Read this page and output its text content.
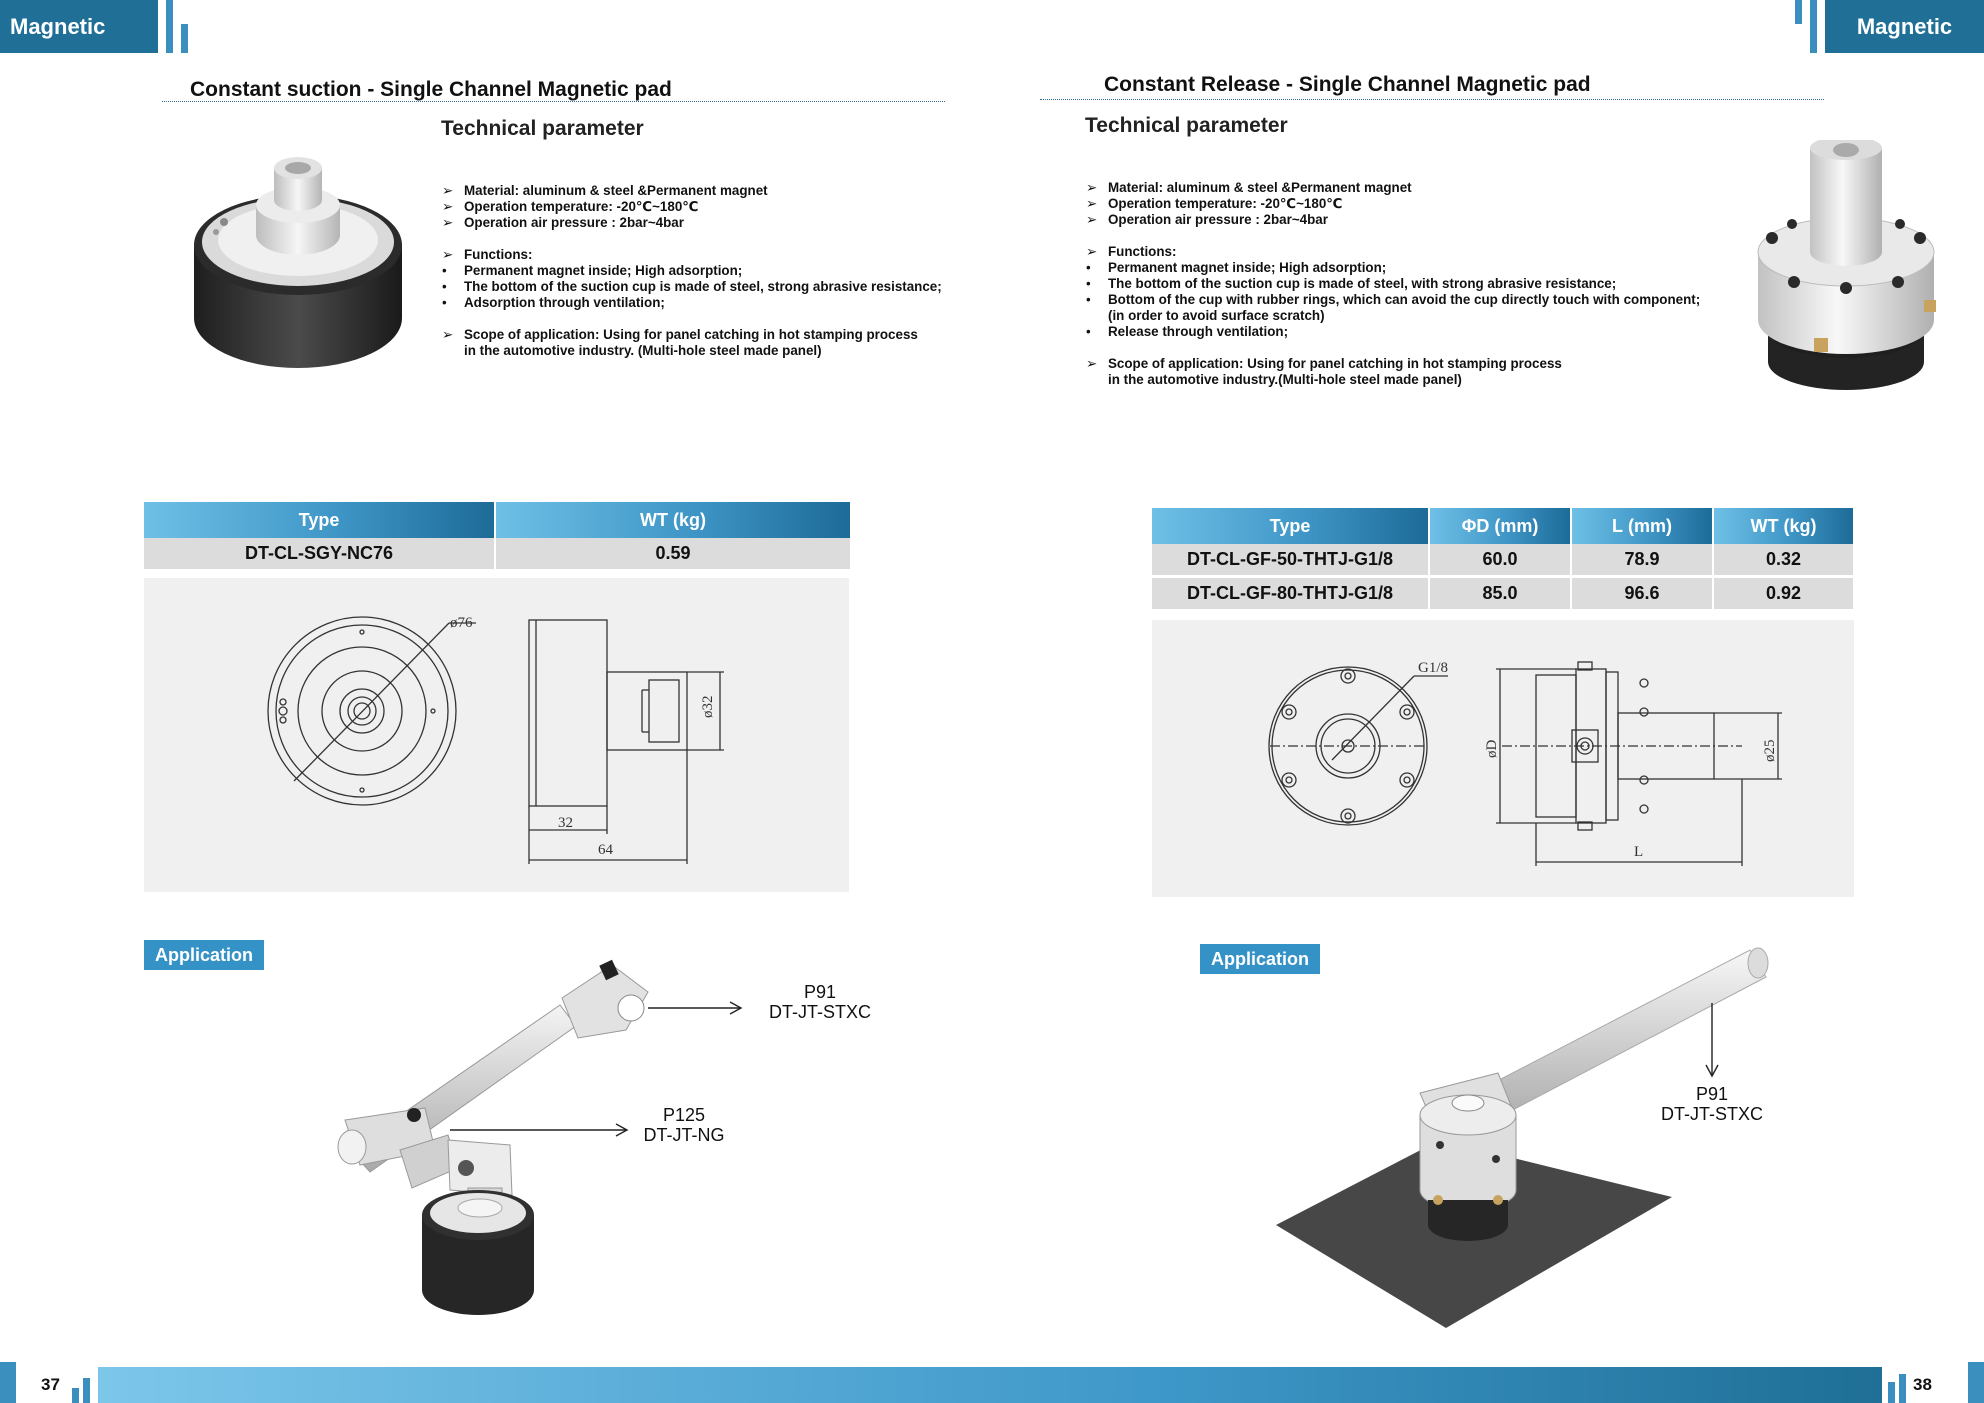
Magnetic pad
Magnetic pad
Constant suction - Single Channel Magnetic pad
Technical parameter
➢ Material: aluminum & steel &Permanent magnet
➢ Operation temperature: -20℃~180℃
➢ Operation air pressure : 2bar~4bar
➢ Functions:
•	Permanent magnet inside; High adsorption;
•	The bottom of the suction cup is made of steel, strong abrasive resistance;
•	Adsorption through ventilation;
➢ Scope of application: Using for panel catching in hot stamping process
in the automotive industry. (Multi-hole steel made panel)
Type	WT (kg)
DT-CL-SGY-NC76	0.59
ø76
ø32
32
64
Application
P91
DT-JT-STXC
P125
DT-JT-NG
Constant Release - Single Channel Magnetic pad
Technical parameter
➢ Material: aluminum & steel &Permanent magnet
➢ Operation temperature: -20℃~180℃
➢ Operation air pressure : 2bar~4bar
➢ Functions:
•	Permanent magnet inside; High adsorption;
•	The bottom of the suction cup is made of steel, with strong abrasive resistance;
•	Bottom of the cup with rubber rings, which can avoid the cup directly touch with component;
(in order to avoid surface scratch)
•	Release through ventilation;
➢ Scope of application: Using for panel catching in hot stamping process
in the automotive industry.(Multi-hole steel made panel)
Type	ΦD (mm)	L (mm)	WT (kg)
DT-CL-GF-50-THTJ-G1/8	60.0	78.9	0.32
DT-CL-GF-80-THTJ-G1/8	85.0	96.6	0.92
G1/8
øD	ø25
L
Application
P91
DT-JT-STXC
37	38
